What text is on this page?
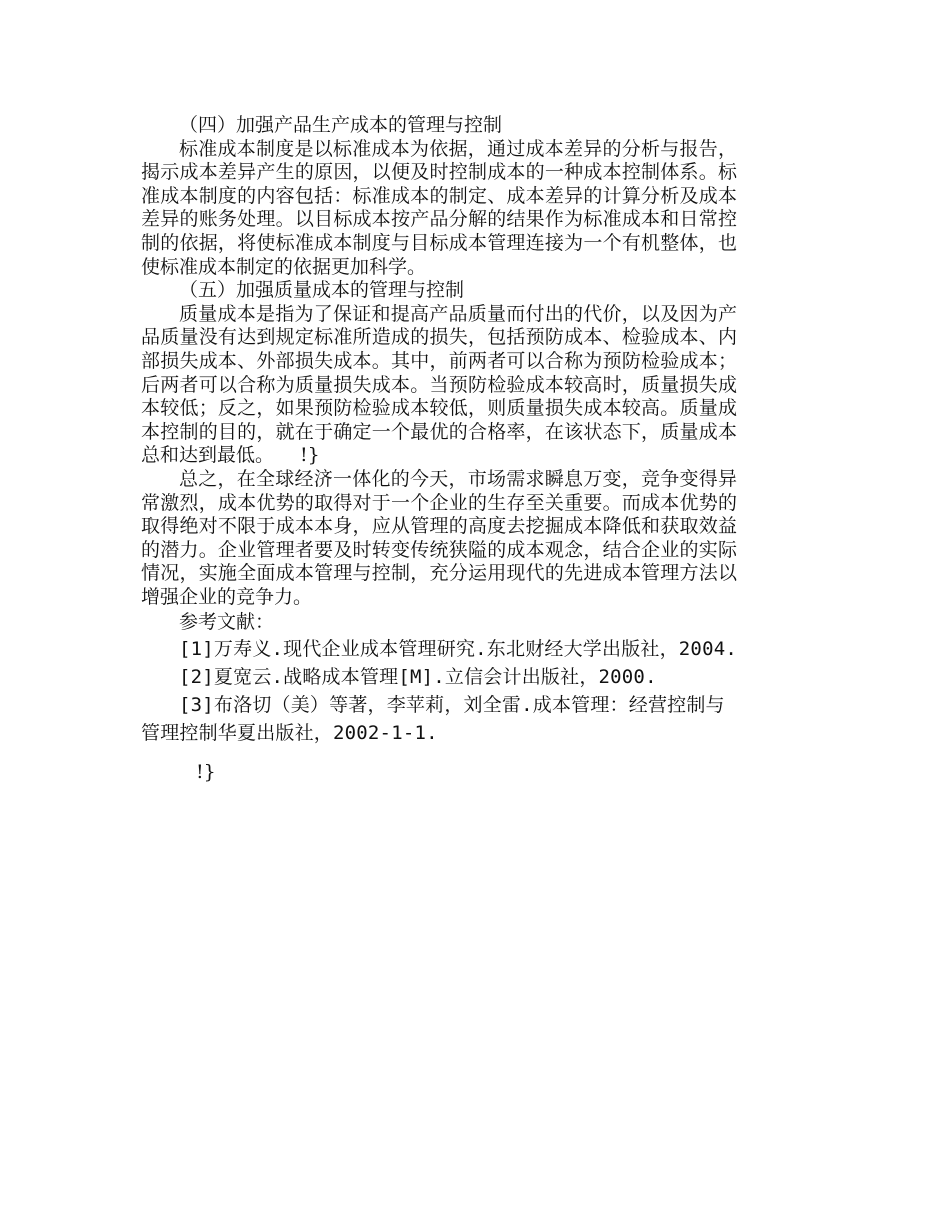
（四）加强产品生产成本的管理与控制

标准成本制度是以标准成本为依据，通过成本差异的分析与报告，揭示成本差异产生的原因，以便及时控制成本的一种成本控制体系。标准成本制度的内容包括：标准成本的制定、成本差异的计算分析及成本差异的账务处理。以目标成本按产品分解的结果作为标准成本和日常控制的依据，将使标准成本制度与目标成本管理连接为一个有机整体，也使标准成本制定的依据更加科学。

（五）加强质量成本的管理与控制

质量成本是指为了保证和提高产品质量而付出的代价，以及因为产品质量没有达到规定标准所造成的损失，包括预防成本、检验成本、内部损失成本、外部损失成本。其中，前两者可以合称为预防检验成本；后两者可以合称为质量损失成本。当预防检验成本较高时，质量损失成本较低；反之，如果预防检验成本较低，则质量损失成本较高。质量成本控制的目的，就在于确定一个最优的合格率，在该状态下，质量成本总和达到最低。 !}

总之，在全球经济一体化的今天，市场需求瞬息万变，竞争变得异常激烈，成本优势的取得对于一个企业的生存至关重要。而成本优势的取得绝对不限于成本本身，应从管理的高度去挖掘成本降低和获取效益的潜力。企业管理者要及时转变传统狭隘的成本观念，结合企业的实际情况，实施全面成本管理与控制，充分运用现代的先进成本管理方法以增强企业的竞争力。

参考文献：

[1]万寿义.现代企业成本管理研究.东北财经大学出版社，2004.

[2]夏宽云.战略成本管理[M].立信会计出版社，2000.

[3]布洛切（美）等著，李苹莉，刘全雷.成本管理：经营控制与管理控制华夏出版社，2002-1-1.

!}
